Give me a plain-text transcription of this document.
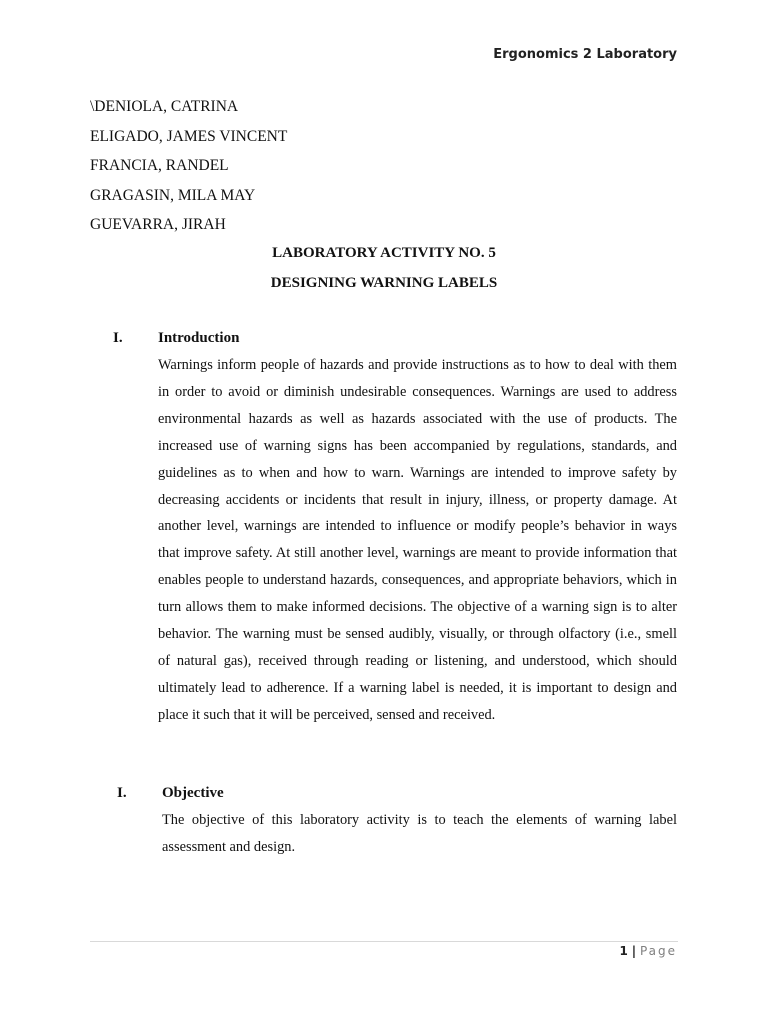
Ergonomics 2 Laboratory
\DENIOLA, CATRINA
ELIGADO, JAMES VINCENT
FRANCIA, RANDEL
GRAGASIN, MILA MAY
GUEVARRA, JIRAH
LABORATORY ACTIVITY NO. 5
DESIGNING WARNING LABELS
I. Introduction
Warnings inform people of hazards and provide instructions as to how to deal with them in order to avoid or diminish undesirable consequences. Warnings are used to address environmental hazards as well as hazards associated with the use of products. The increased use of warning signs has been accompanied by regulations, standards, and guidelines as to when and how to warn. Warnings are intended to improve safety by decreasing accidents or incidents that result in injury, illness, or property damage. At another level, warnings are intended to influence or modify people’s behavior in ways that improve safety. At still another level, warnings are meant to provide information that enables people to understand hazards, consequences, and appropriate behaviors, which in turn allows them to make informed decisions. The objective of a warning sign is to alter behavior. The warning must be sensed audibly, visually, or through olfactory (i.e., smell of natural gas), received through reading or listening, and understood, which should ultimately lead to adherence. If a warning label is needed, it is important to design and place it such that it will be perceived, sensed and received.
I. Objective
The objective of this laboratory activity is to teach the elements of warning label assessment and design.
1 | Page
